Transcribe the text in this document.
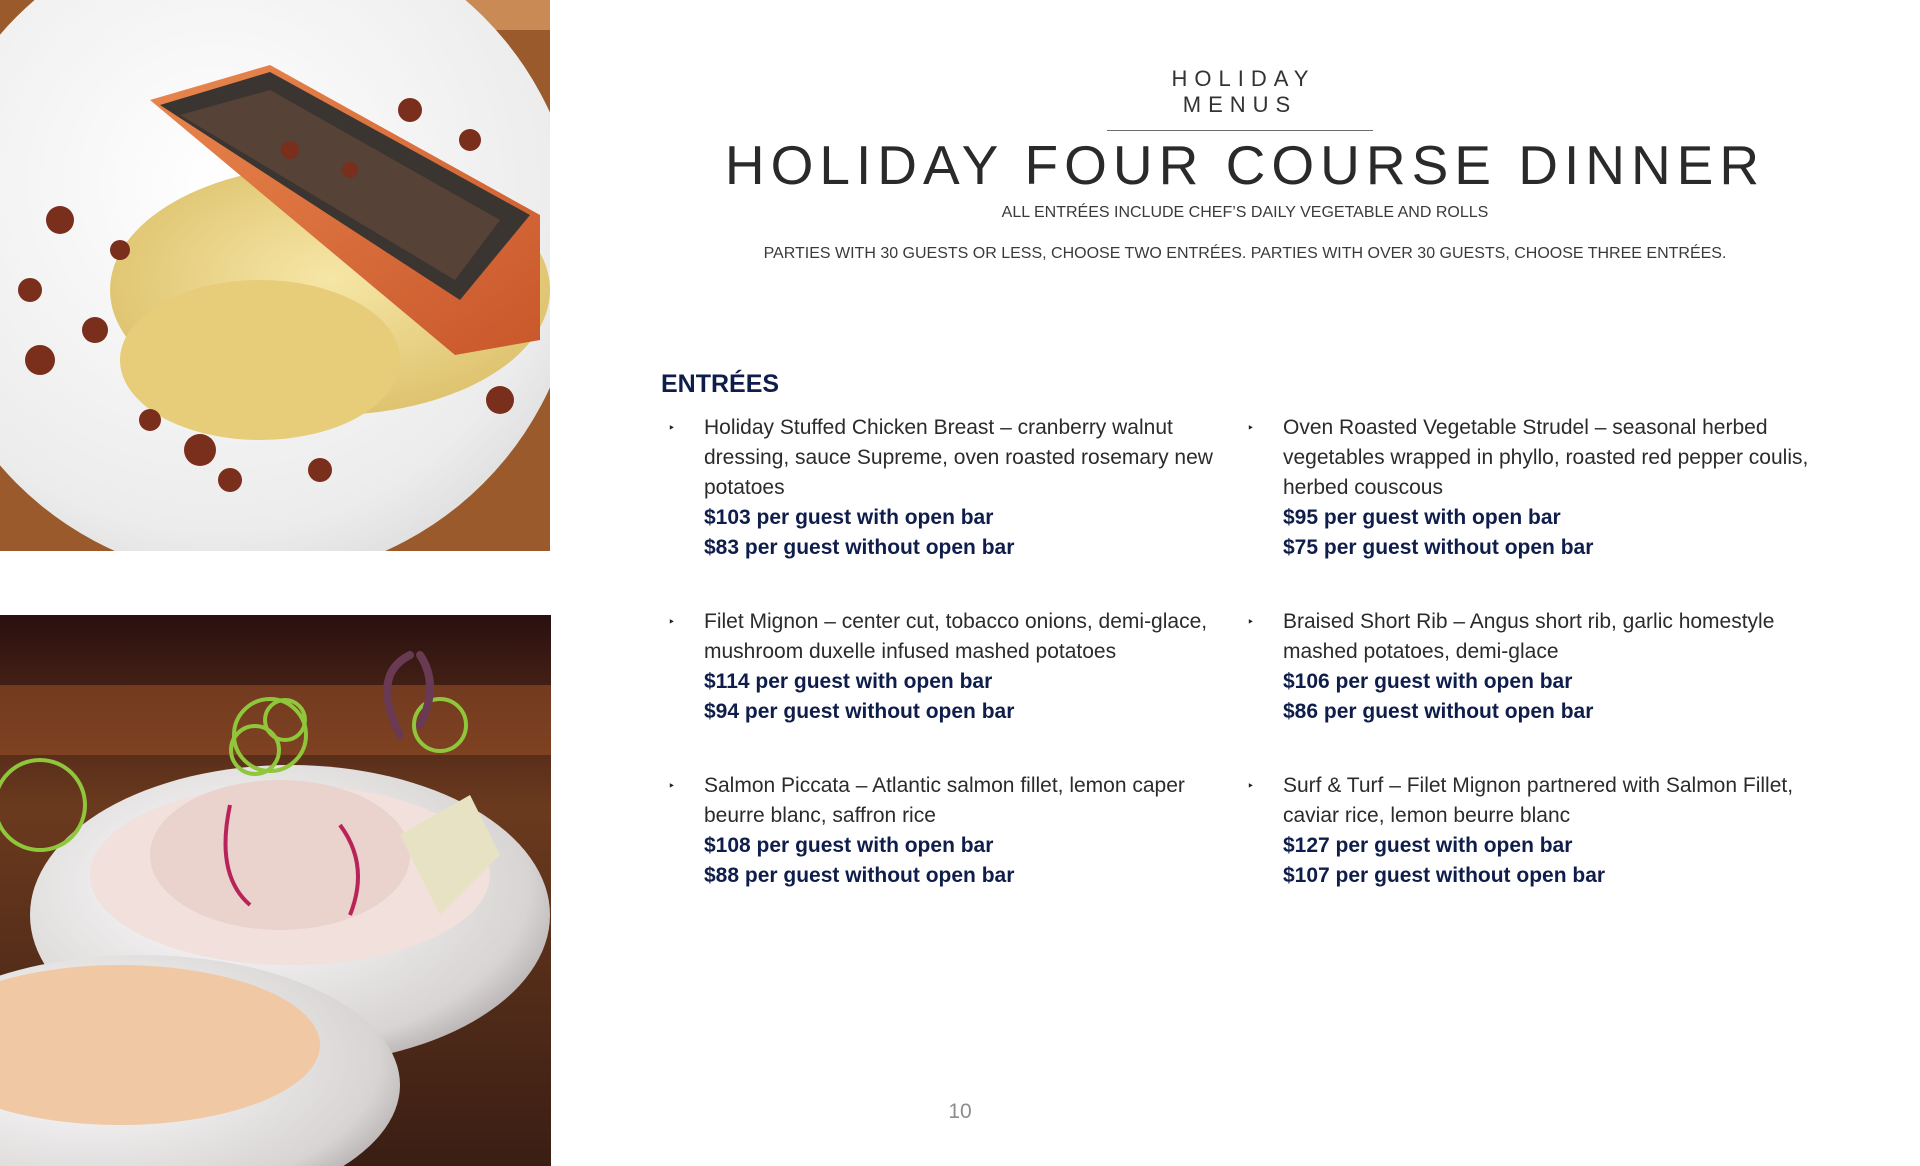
HOLIDAY MENUS
HOLIDAY FOUR COURSE DINNER

ALL ENTRÉES INCLUDE CHEF’S DAILY VEGETABLE AND ROLLS

PARTIES WITH 30 GUESTS OR LESS, CHOOSE TWO ENTRÉES. PARTIES WITH OVER 30 GUESTS, CHOOSE THREE ENTRÉES.

ENTRÉES
‣ Holiday Stuffed Chicken Breast – cranberry walnut dressing, sauce Supreme, oven roasted rosemary new potatoes
$103 per guest with open bar
$83 per guest without open bar
‣ Oven Roasted Vegetable Strudel – seasonal herbed vegetables wrapped in phyllo, roasted red pepper coulis, herbed couscous
$95 per guest with open bar
$75 per guest without open bar
‣ Filet Mignon – center cut, tobacco onions, demi-glace, mushroom duxelle infused mashed potatoes
$114 per guest with open bar
$94 per guest without open bar
‣ Braised Short Rib – Angus short rib, garlic homestyle mashed potatoes, demi-glace
$106 per guest with open bar
$86 per guest without open bar
‣ Salmon Piccata – Atlantic salmon fillet, lemon caper beurre blanc, saffron rice
$108 per guest with open bar
$88 per guest without open bar
‣ Surf & Turf – Filet Mignon partnered with Salmon Fillet, caviar rice, lemon beurre blanc
$127 per guest with open bar
$107 per guest without open bar
10
